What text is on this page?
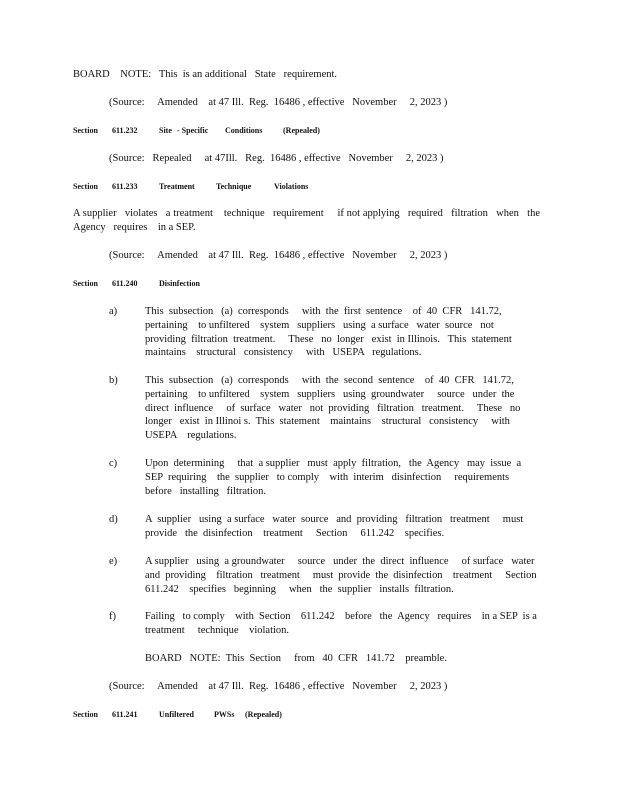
BOARD    NOTE:   This  is an additional   State   requirement.
(Source:     Amended    at 47 Ill.  Reg.  16486 , effective   November     2, 2023 )
Section 611.232	Site - Specific Conditions	(Repealed)
(Source:   Repealed     at 47Ill.   Reg.  16486 , effective   November     2, 2023 )
Section 611.233	Treatment	Technique	Violations
A supplier   violates   a treatment    technique   requirement     if not applying   required   filtration   when   the
Agency   requires    in a SEP.
(Source:     Amended    at 47 Ill.  Reg.  16486 , effective   November     2, 2023 )
Section 611.240	Disinfection
a)	This  subsection   (a)  corresponds     with  the  first  sentence    of  40  CFR   141.72,
pertaining    to unfiltered    system   suppliers   using  a surface   water  source   not
providing  filtration  treatment.     These   no  longer   exist  in Illinois.   This  statement
maintains    structural   consistency     with   USEPA   regulations.
b)	This  subsection   (a)  corresponds     with  the  second  sentence    of  40  CFR   141.72,
pertaining    to unfiltered    system   suppliers   using  groundwater     source   under  the
direct  influence     of  surface   water   not  providing   filtration   treatment.     These   no
longer   exist  in Illinoi s.  This  statement    maintains    structural   consistency     with
USEPA    regulations.
c)	Upon  determining     that  a supplier   must  apply  filtration,   the  Agency   may  issue  a
SEP  requiring    the  supplier   to comply    with  interim   disinfection     requirements
before   installing   filtration.
d)	A  supplier   using  a surface   water  source   and  providing   filtration   treatment     must
provide   the  disinfection    treatment     Section     611.242    specifies.
e)	A supplier   using  a groundwater     source   under  the  direct  influence     of surface   water
and  providing    filtration   treatment     must  provide  the  disinfection    treatment     Section
611.242    specifies   beginning     when   the  supplier   installs  filtration.
f)	Failing   to comply    with  Section    611.242    before   the  Agency   requires    in a SEP  is a
treatment     technique    violation.
BOARD   NOTE:  This  Section     from   40  CFR   141.72    preamble.
(Source:     Amended    at 47 Ill.  Reg.  16486 , effective   November     2, 2023 )
Section 611.241	Unfiltered	PWSs (Repealed)
